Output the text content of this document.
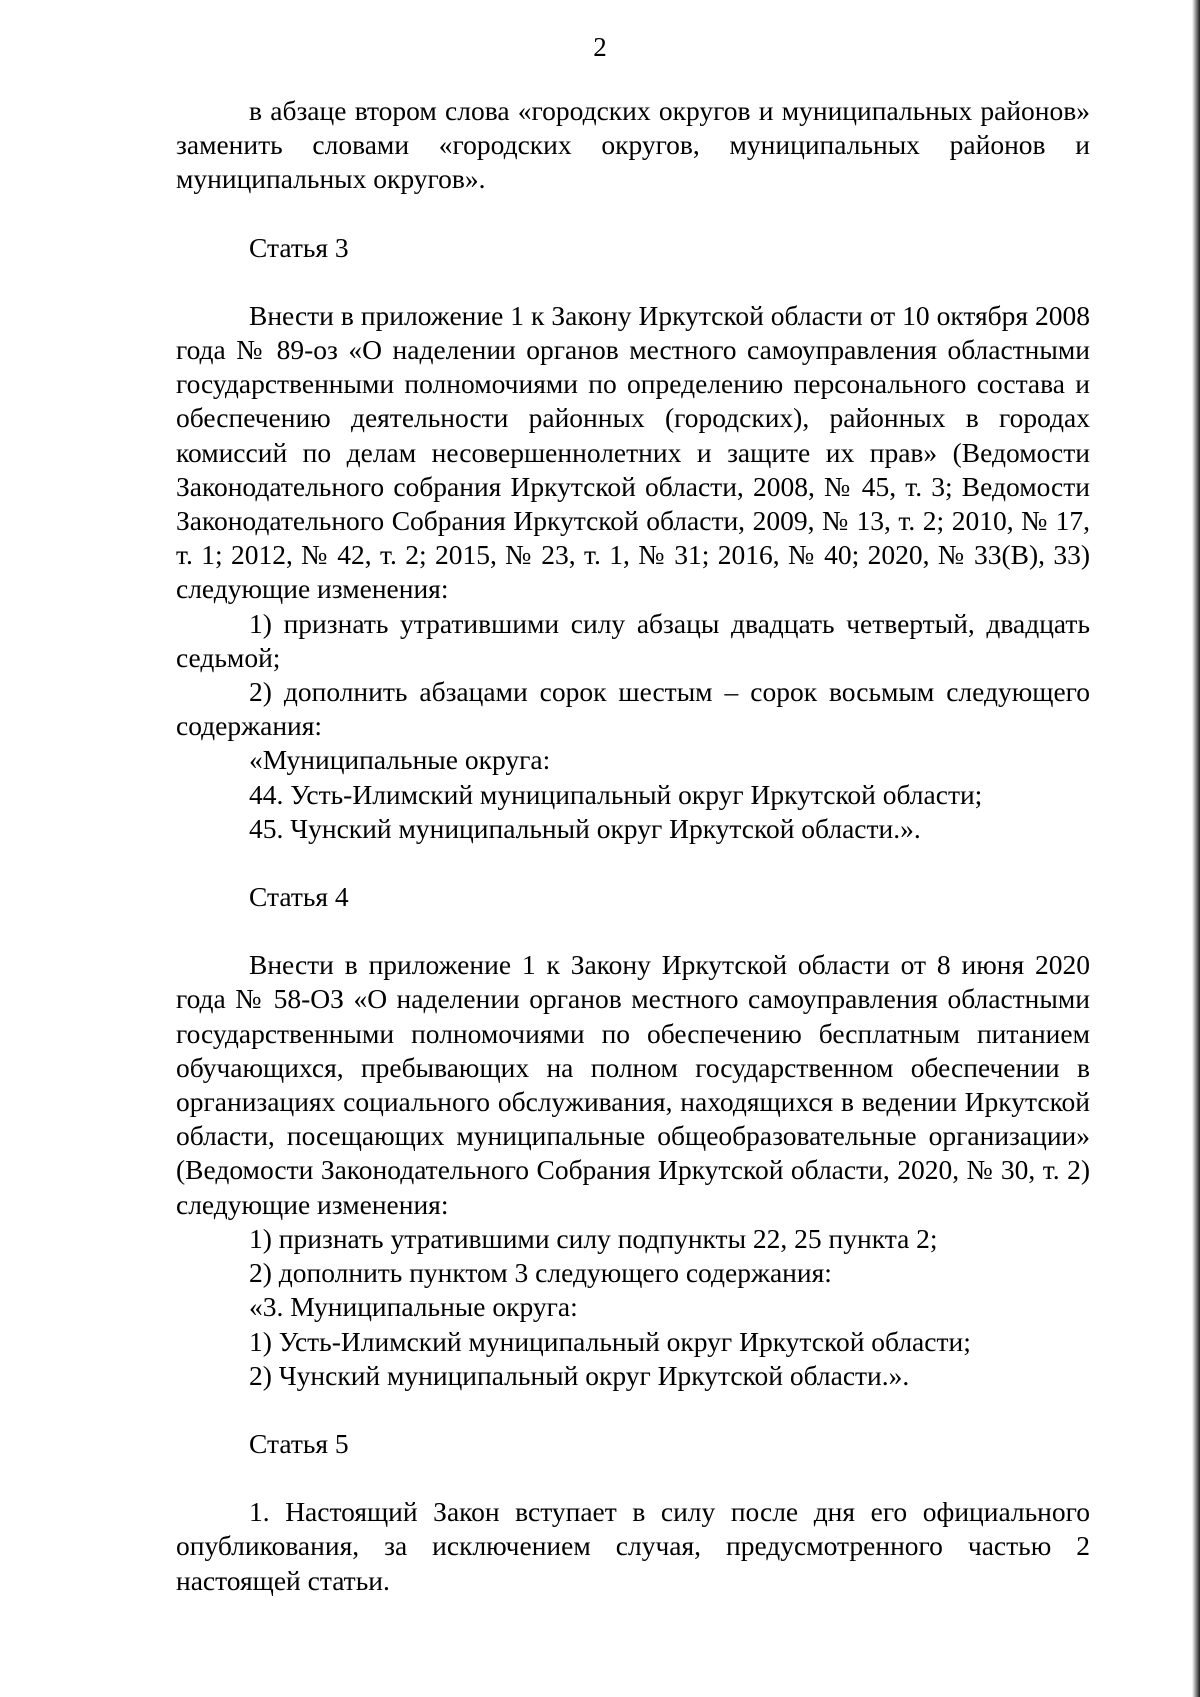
2

в абзаце втором слова «городских округов и муниципальных районов» заменить словами «городских округов, муниципальных районов и муниципальных округов».

Статья 3

Внести в приложение 1 к Закону Иркутской области от 10 октября 2008 года № 89-оз «О наделении органов местного самоуправления областными государственными полномочиями по определению персонального состава и обеспечению деятельности районных (городских), районных в городах комиссий по делам несовершеннолетних и защите их прав» (Ведомости Законодательного собрания Иркутской области, 2008, № 45, т. 3; Ведомости Законодательного Собрания Иркутской области, 2009, № 13, т. 2; 2010, № 17, т. 1; 2012, № 42, т. 2; 2015, № 23, т. 1, № 31; 2016, № 40; 2020, № 33(В), 33) следующие изменения:

1) признать утратившими силу абзацы двадцать четвертый, двадцать седьмой;

2) дополнить абзацами сорок шестым – сорок восьмым следующего содержания:

«Муниципальные округа:

44. Усть-Илимский муниципальный округ Иркутской области;

45. Чунский муниципальный округ Иркутской области.».

Статья 4

Внести в приложение 1 к Закону Иркутской области от 8 июня 2020 года № 58-ОЗ «О наделении органов местного самоуправления областными государственными полномочиями по обеспечению бесплатным питанием обучающихся, пребывающих на полном государственном обеспечении в организациях социального обслуживания, находящихся в ведении Иркутской области, посещающих муниципальные общеобразовательные организации» (Ведомости Законодательного Собрания Иркутской области, 2020, № 30, т. 2) следующие изменения:

1) признать утратившими силу подпункты 22, 25 пункта 2;

2) дополнить пунктом 3 следующего содержания:

«3. Муниципальные округа:

1) Усть-Илимский муниципальный округ Иркутской области;

2) Чунский муниципальный округ Иркутской области.».

Статья 5

1. Настоящий Закон вступает в силу после дня его официального опубликования, за исключением случая, предусмотренного частью 2 настоящей статьи.
